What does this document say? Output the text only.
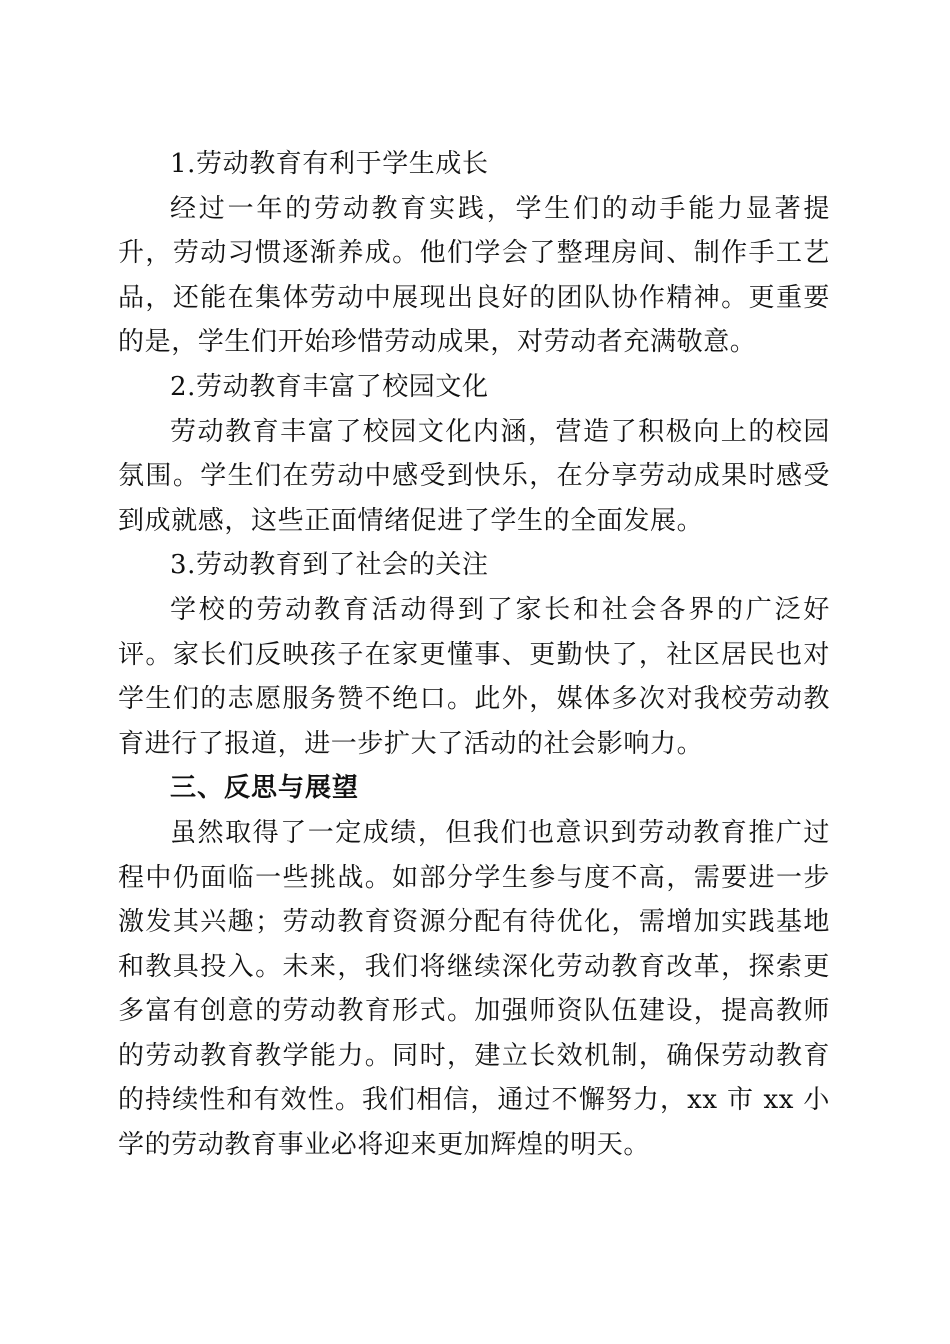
1.劳动教育有利于学生成长

经过一年的劳动教育实践，学生们的动手能力显著提升，劳动习惯逐渐养成。他们学会了整理房间、制作手工艺品，还能在集体劳动中展现出良好的团队协作精神。更重要的是，学生们开始珍惜劳动成果，对劳动者充满敬意。

2.劳动教育丰富了校园文化

劳动教育丰富了校园文化内涵，营造了积极向上的校园氛围。学生们在劳动中感受到快乐，在分享劳动成果时感受到成就感，这些正面情绪促进了学生的全面发展。

3.劳动教育到了社会的关注

学校的劳动教育活动得到了家长和社会各界的广泛好评。家长们反映孩子在家更懂事、更勤快了，社区居民也对学生们的志愿服务赞不绝口。此外，媒体多次对我校劳动教育进行了报道，进一步扩大了活动的社会影响力。

三、反思与展望

虽然取得了一定成绩，但我们也意识到劳动教育推广过程中仍面临一些挑战。如部分学生参与度不高，需要进一步激发其兴趣；劳动教育资源分配有待优化，需增加实践基地和教具投入。未来，我们将继续深化劳动教育改革，探索更多富有创意的劳动教育形式。加强师资队伍建设，提高教师的劳动教育教学能力。同时，建立长效机制，确保劳动教育的持续性和有效性。我们相信，通过不懈努力，xx 市 xx 小学的劳动教育事业必将迎来更加辉煌的明天。
